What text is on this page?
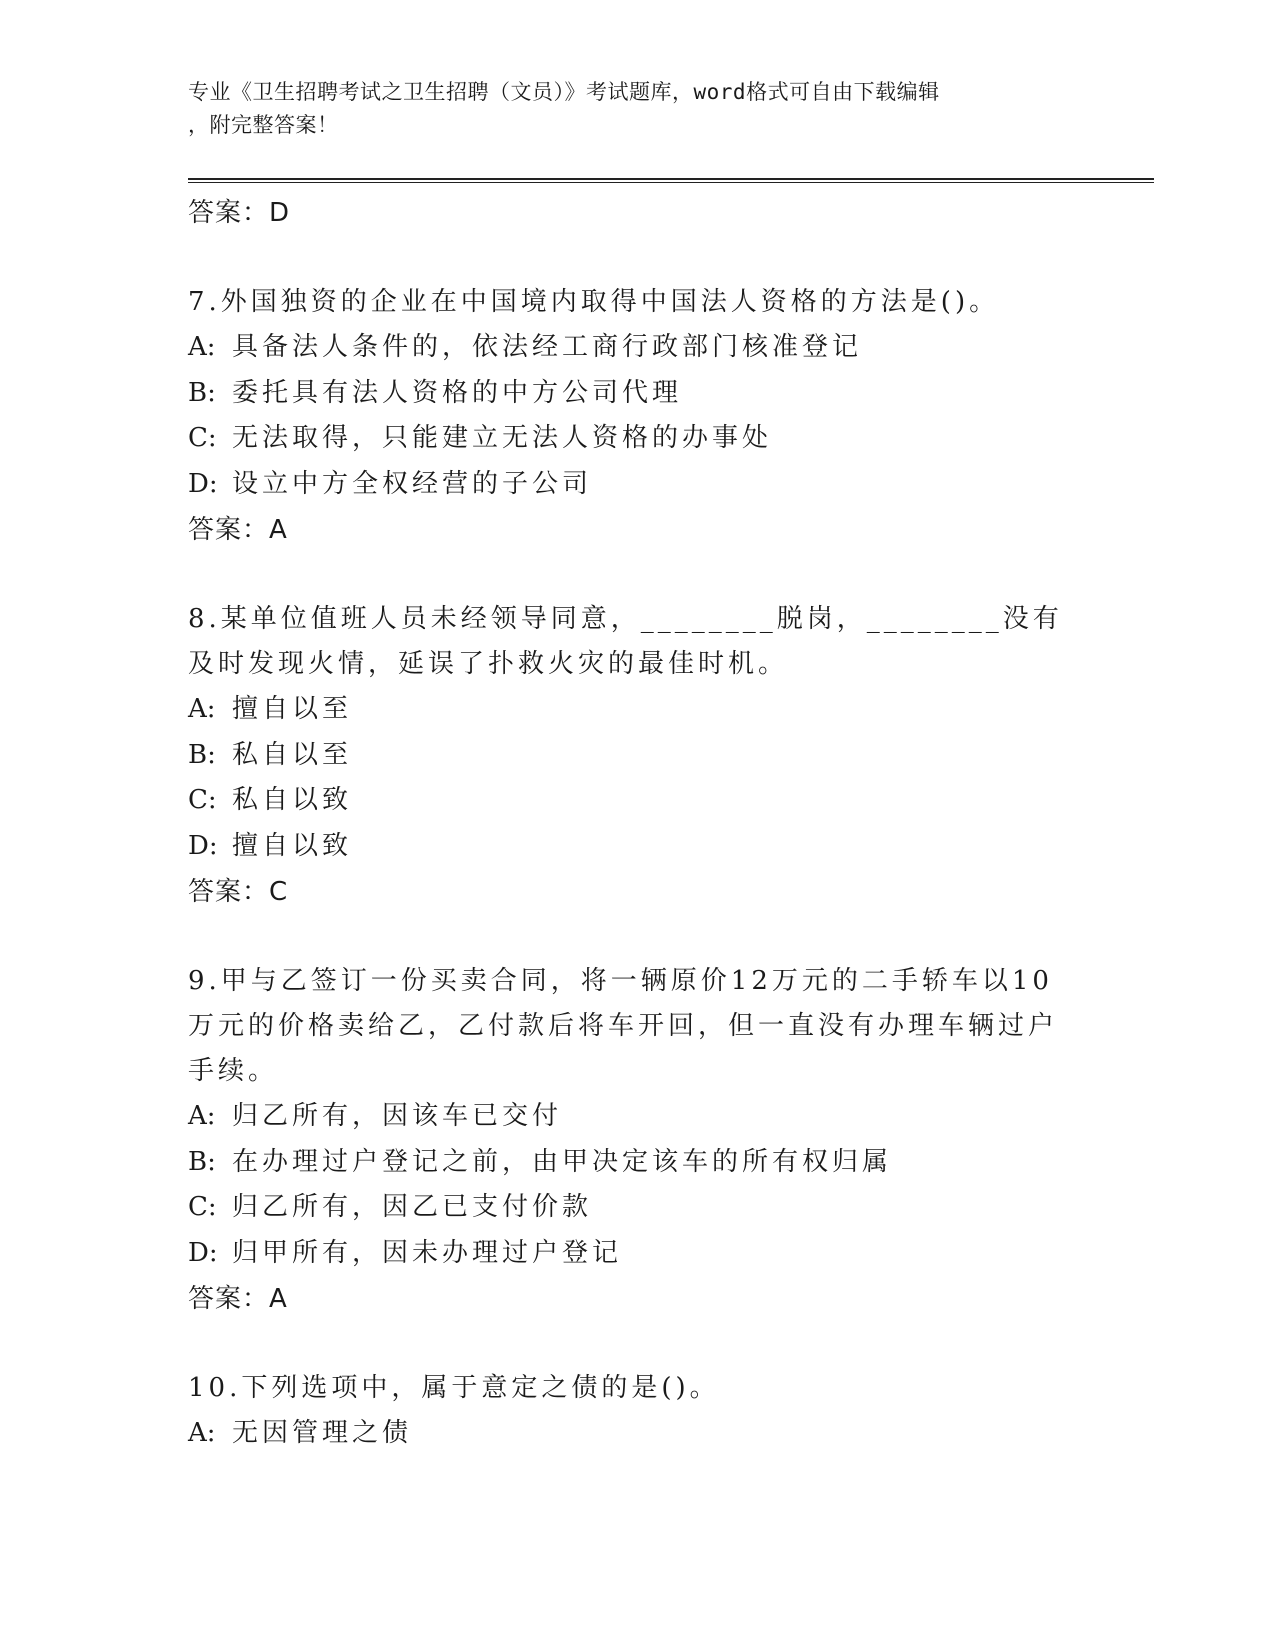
专业《卫生招聘考试之卫生招聘（文员）》考试题库，word格式可自由下载编辑
，附完整答案！
答案：D
7.外国独资的企业在中国境内取得中国法人资格的方法是()。
A: 具备法人条件的，依法经工商行政部门核准登记
B: 委托具有法人资格的中方公司代理
C: 无法取得，只能建立无法人资格的办事处
D: 设立中方全权经营的子公司
答案：A
8.某单位值班人员未经领导同意，________脱岗，________没有及时发现火情，延误了扑救火灾的最佳时机。
A: 擅自以至
B: 私自以至
C: 私自以致
D: 擅自以致
答案：C
9.甲与乙签订一份买卖合同，将一辆原价12万元的二手轿车以10万元的价格卖给乙，乙付款后将车开回，但一直没有办理车辆过户手续。
A: 归乙所有，因该车已交付
B: 在办理过户登记之前，由甲决定该车的所有权归属
C: 归乙所有，因乙已支付价款
D: 归甲所有，因未办理过户登记
答案：A
10.下列选项中，属于意定之债的是()。
A: 无因管理之债
